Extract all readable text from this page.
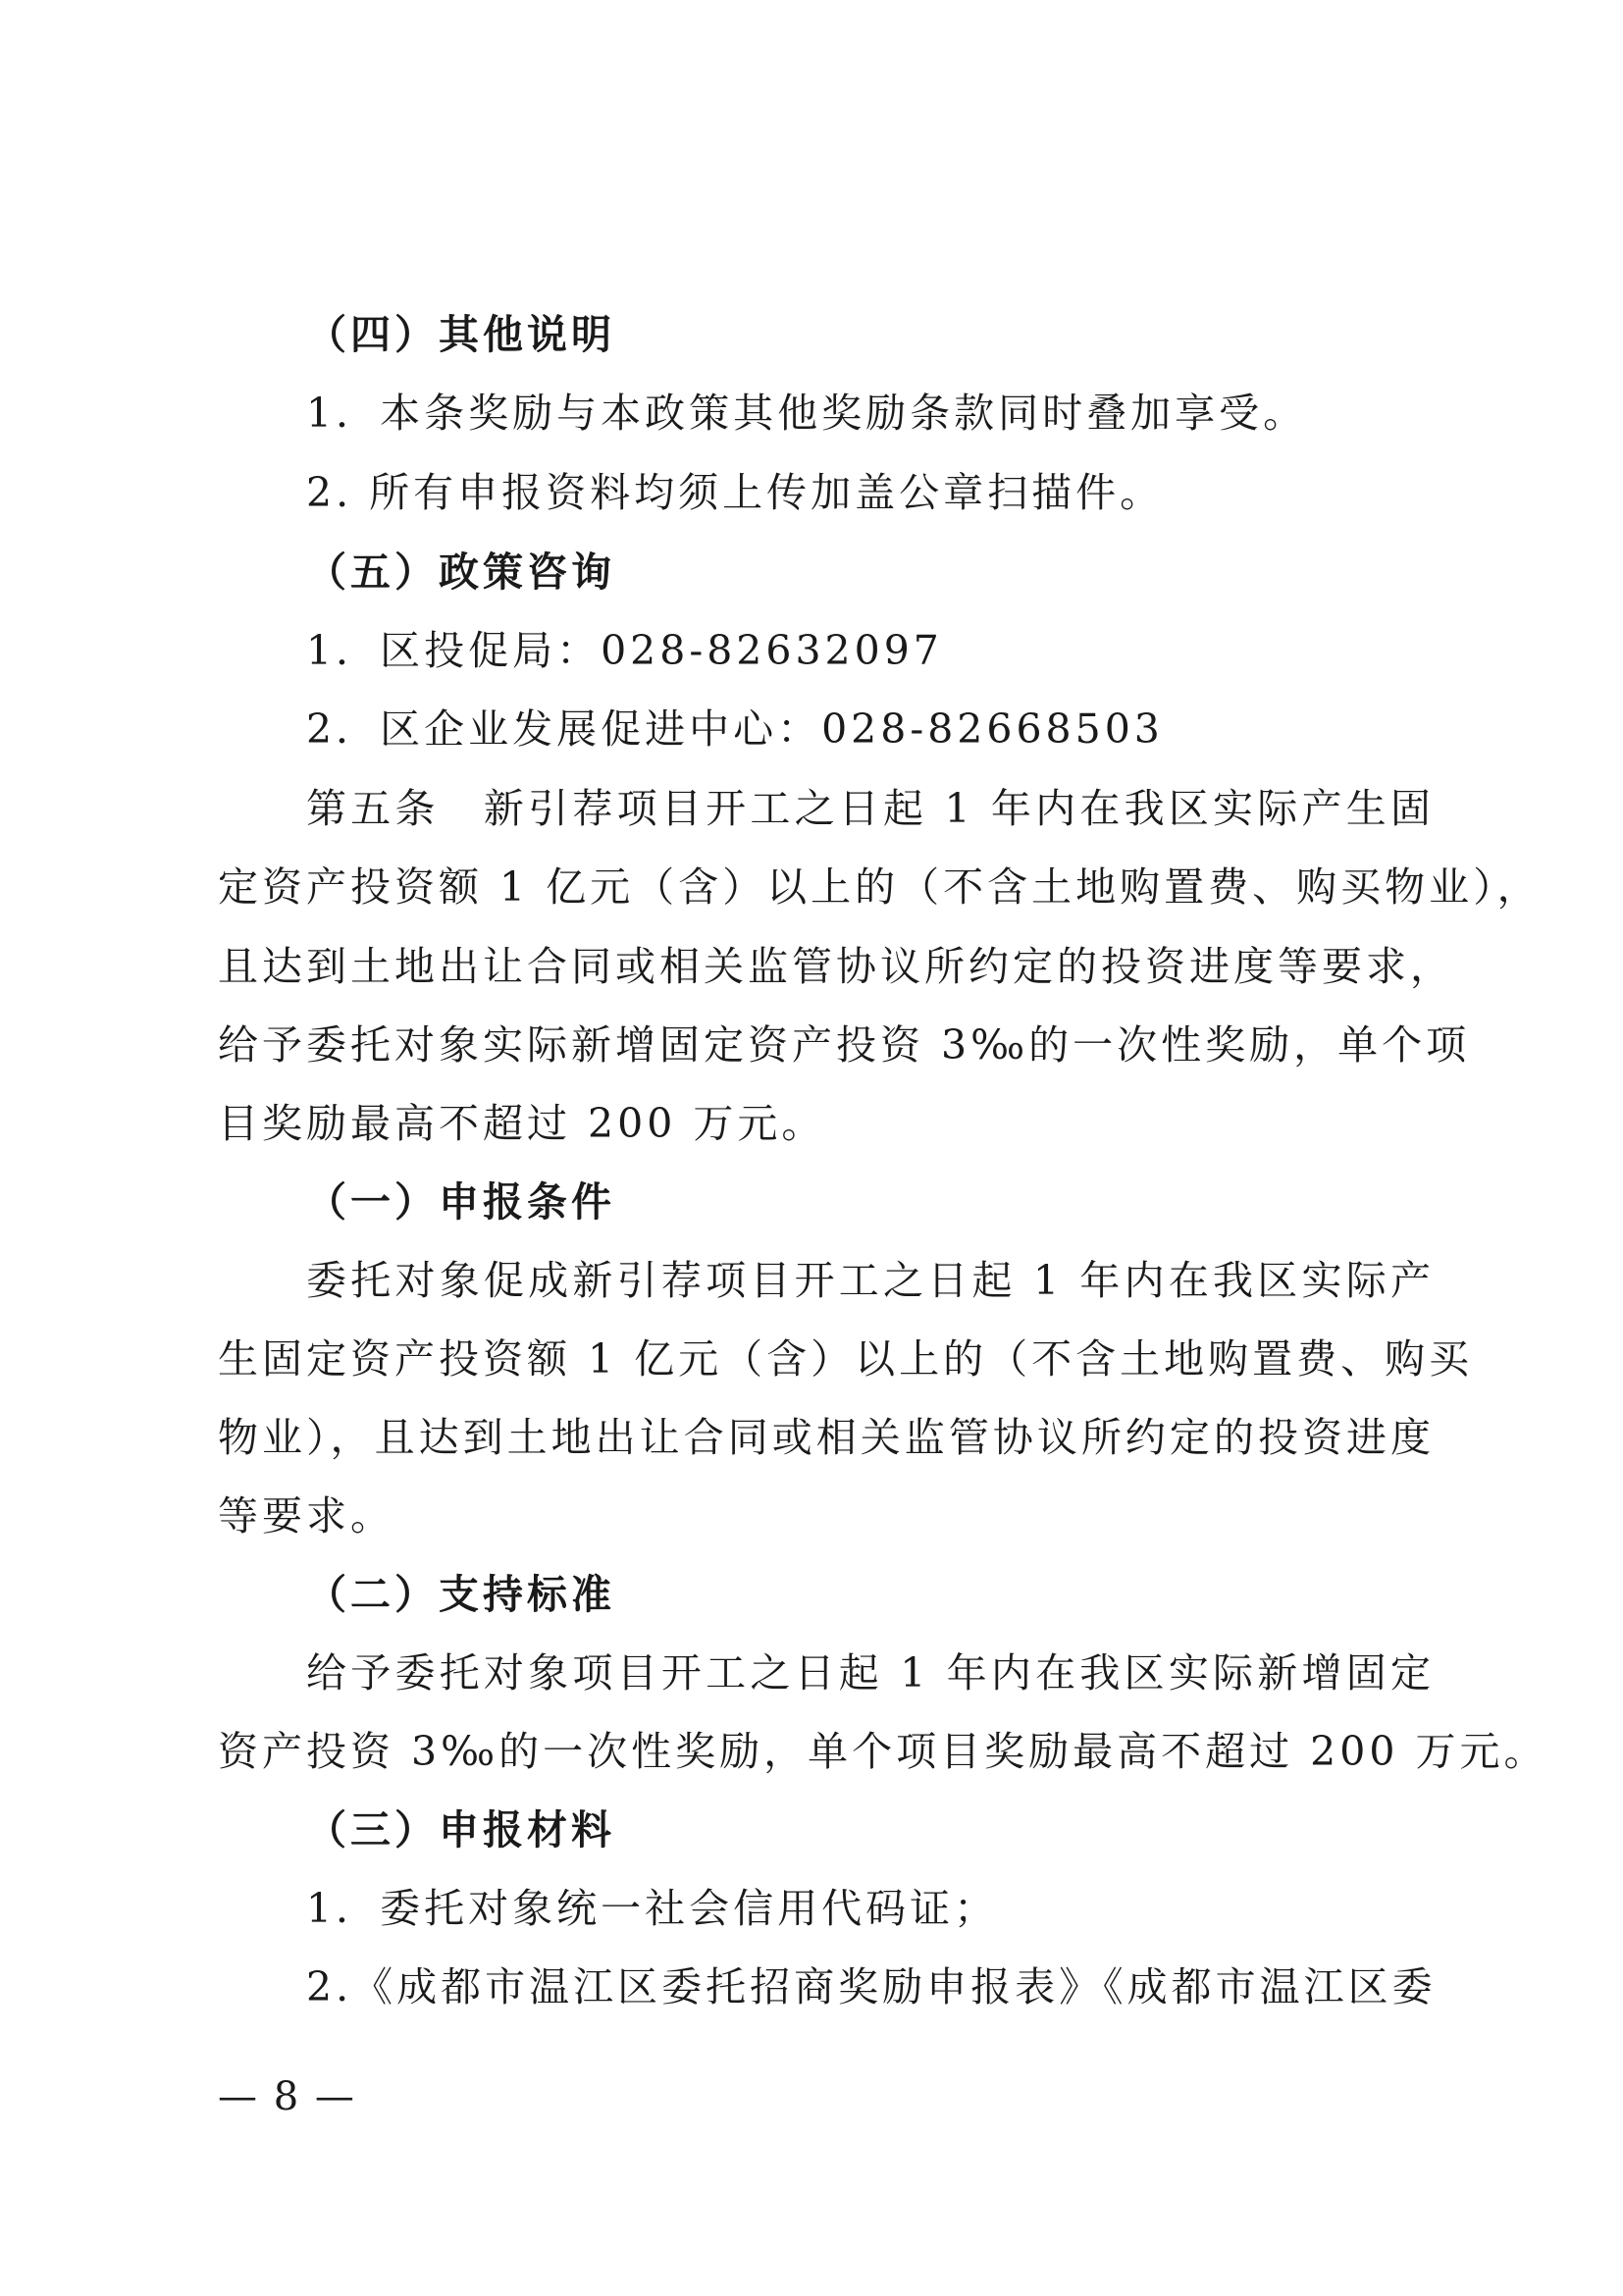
（四）其他说明
1．本条奖励与本政策其他奖励条款同时叠加享受。
2. 所有申报资料均须上传加盖公章扫描件。
（五）政策咨询
1．区投促局：028-82632097
2．区企业发展促进中心：028-82668503
第五条　新引荐项目开工之日起 1 年内在我区实际产生固
定资产投资额 1 亿元（含）以上的（不含土地购置费、购买物业），
且达到土地出让合同或相关监管协议所约定的投资进度等要求，
给予委托对象实际新增固定资产投资 3‰的一次性奖励，单个项
目奖励最高不超过 200 万元。
（一）申报条件
委托对象促成新引荐项目开工之日起 1 年内在我区实际产
生固定资产投资额 1 亿元（含）以上的（不含土地购置费、购买
物业），且达到土地出让合同或相关监管协议所约定的投资进度
等要求。
（二）支持标准
给予委托对象项目开工之日起 1 年内在我区实际新增固定
资产投资 3‰的一次性奖励，单个项目奖励最高不超过 200 万元。
（三）申报材料
1．委托对象统一社会信用代码证；
2.《成都市温江区委托招商奖励申报表》《成都市温江区委
— 8 —
